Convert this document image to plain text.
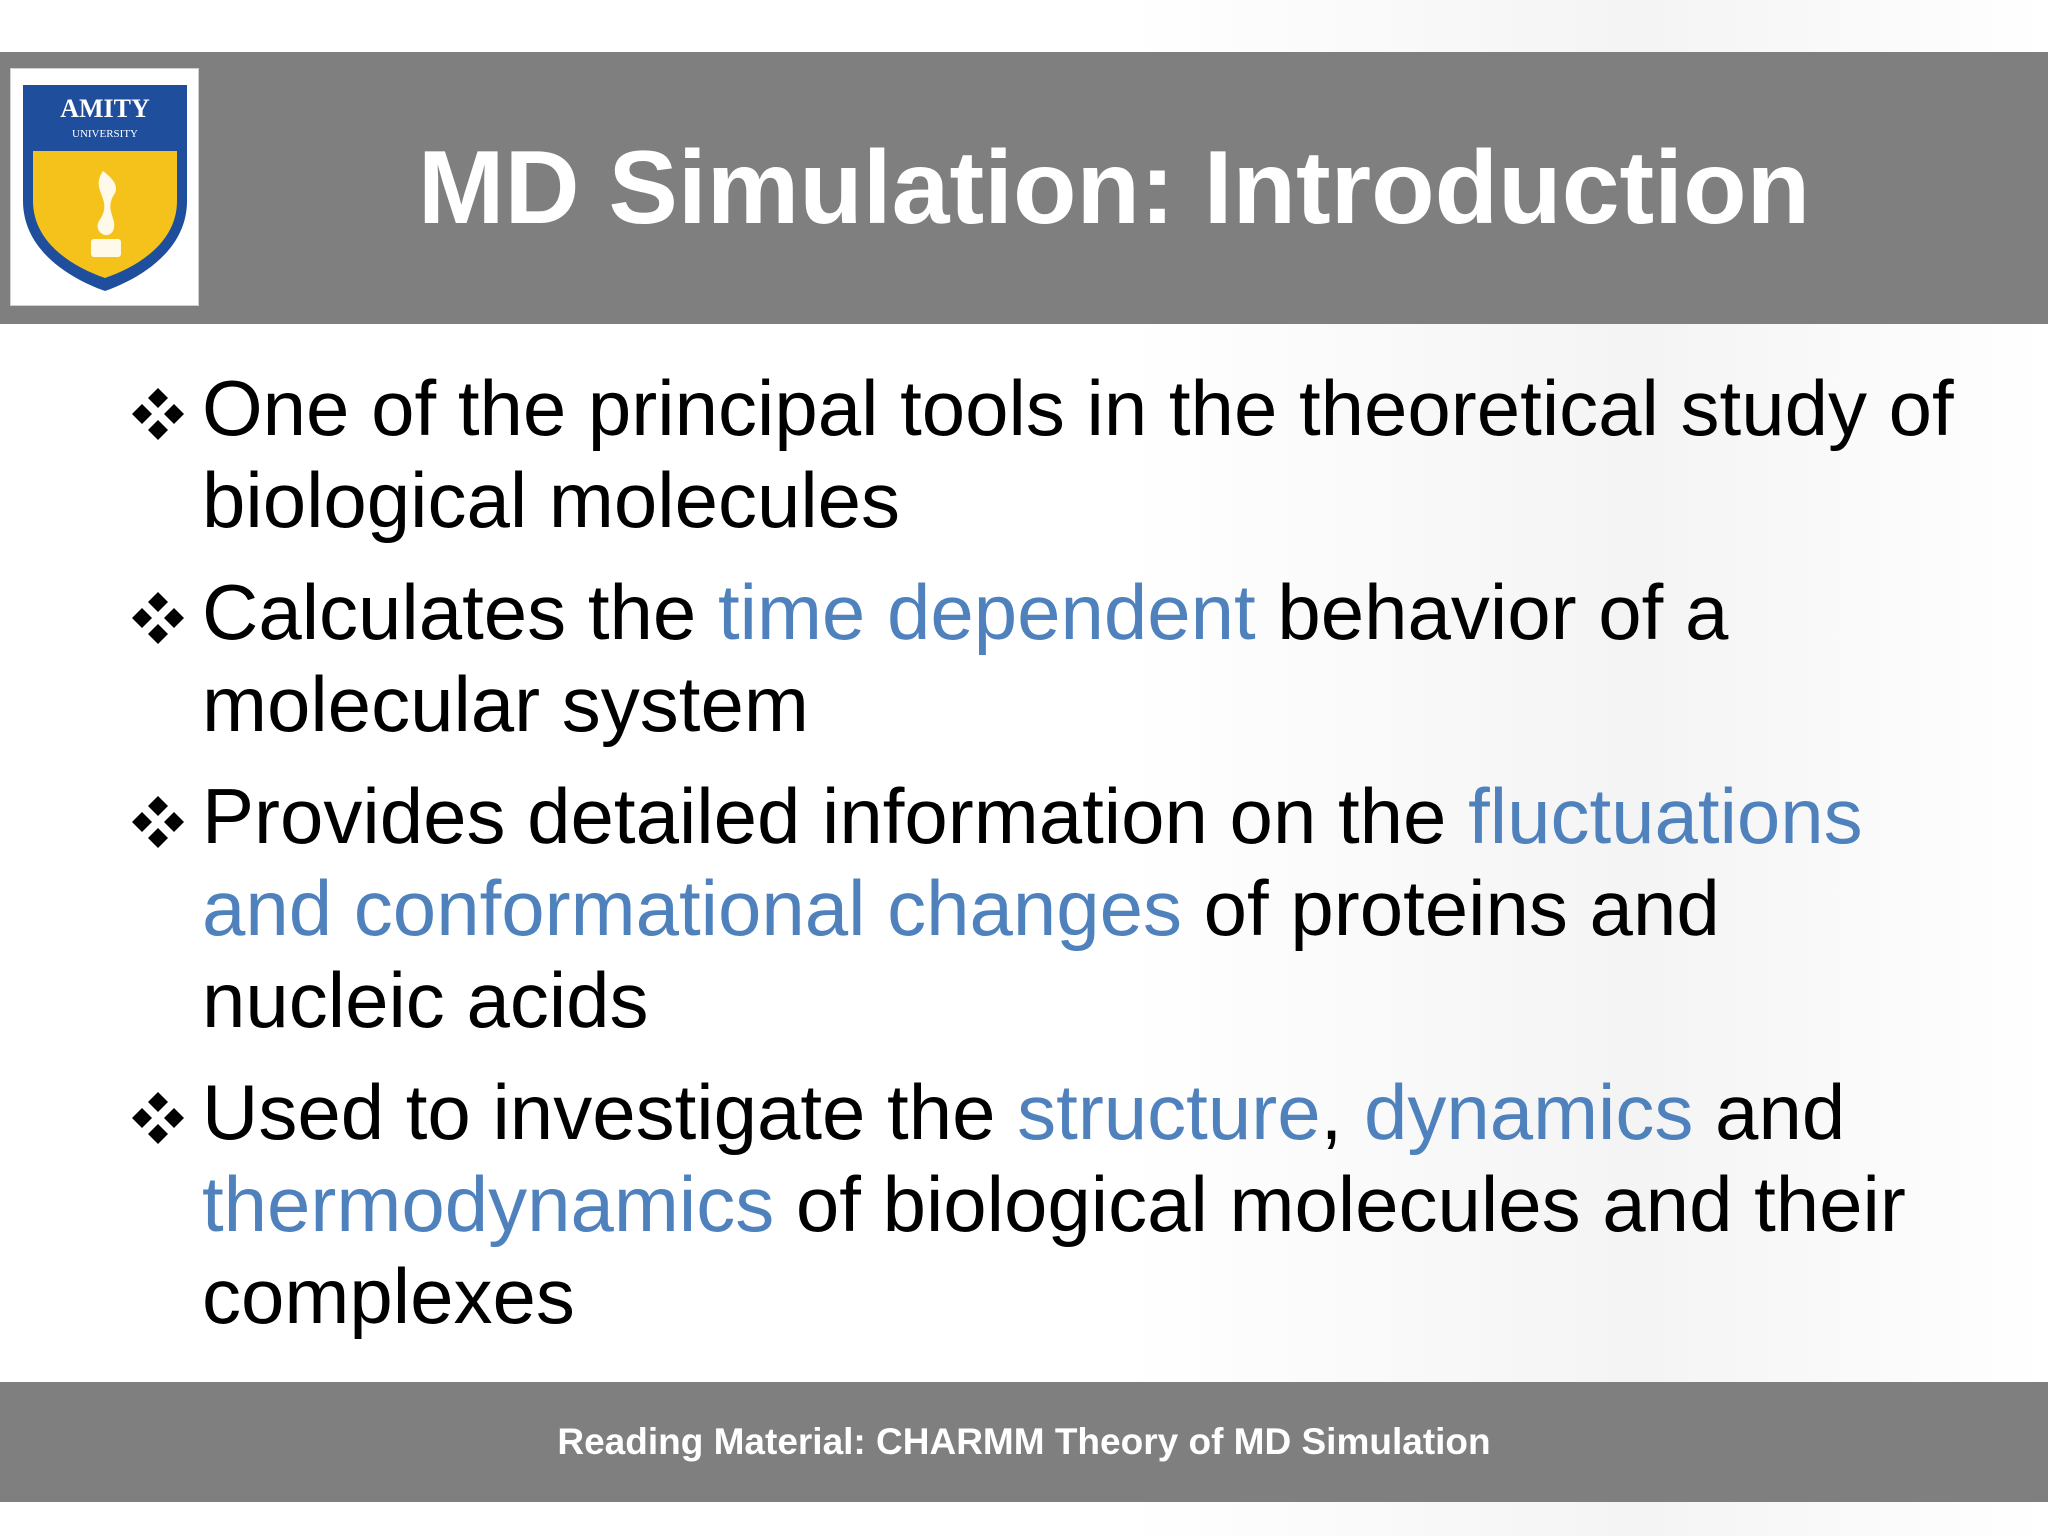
AMITY
UNIVERSITY	MD Simulation: Introduction
One of the principal tools in the theoretical study of biological molecules
Calculates the time dependent behavior of a molecular system
Provides detailed information on the fluctuations and conformational changes of proteins and nucleic acids
Used to investigate the structure, dynamics and thermodynamics of biological molecules and their complexes
Reading Material: CHARMM Theory of MD Simulation
